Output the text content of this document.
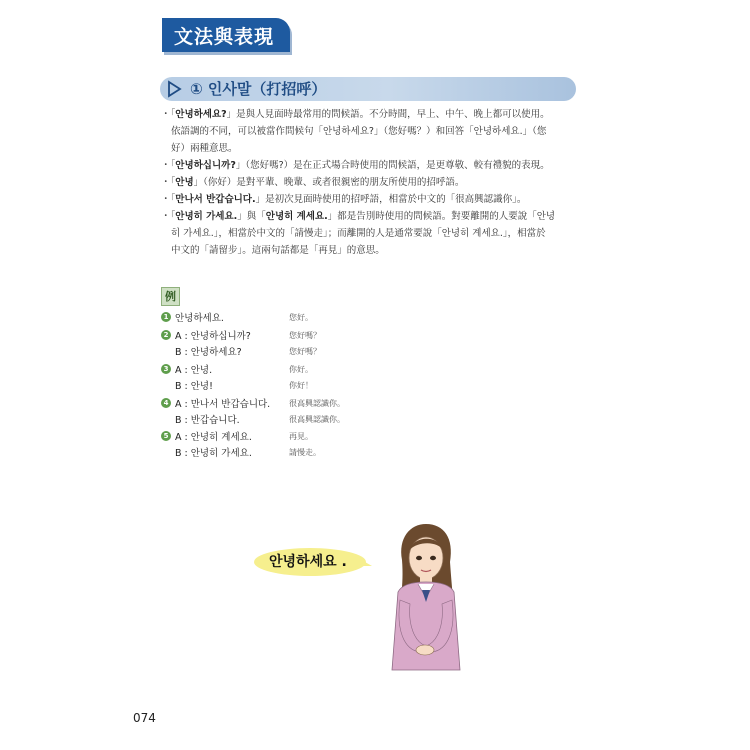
文法與表現
① 인사말（打招呼）
・「안녕하세요?」是與人見面時最常用的問候語。不分時間，早上、中午、晚上都可以使用。
依語調的不同，可以被當作問候句「안녕하세요?」（您好嗎？）和回答「안녕하세요.」（您
好）兩種意思。
・「안녕하십니까?」（您好嗎?）是在正式場合時使用的問候語，是更尊敬、較有禮貌的表現。
・「안녕」（你好）是對平輩、晚輩、或者很親密的朋友所使用的招呼語。
・「만나서 반갑습니다.」是初次見面時使用的招呼語，相當於中文的「很高興認識你」。
・「안녕히 가세요.」與「안녕히 계세요.」都是告別時使用的問候語。對要離開的人要說「안녕
히 가세요.」，相當於中文的「請慢走」；而離開的人是通常要說「안녕히 계세요.」，相當於
中文的「請留步」。這兩句話都是「再見」的意思。
例
1 안녕하세요.	您好。
2 A : 안녕하십니까?	您好嗎？
B : 안녕하세요?	您好嗎？
3 A : 안녕.	你好。
B : 안녕!	你好！
4 A : 만나서 반갑습니다. 很高興認識你。
B : 반갑습니다.	很高興認識你。
5 A : 안녕히 계세요.	再見。
B : 안녕히 가세요.	請慢走。
안녕하세요 .
074
